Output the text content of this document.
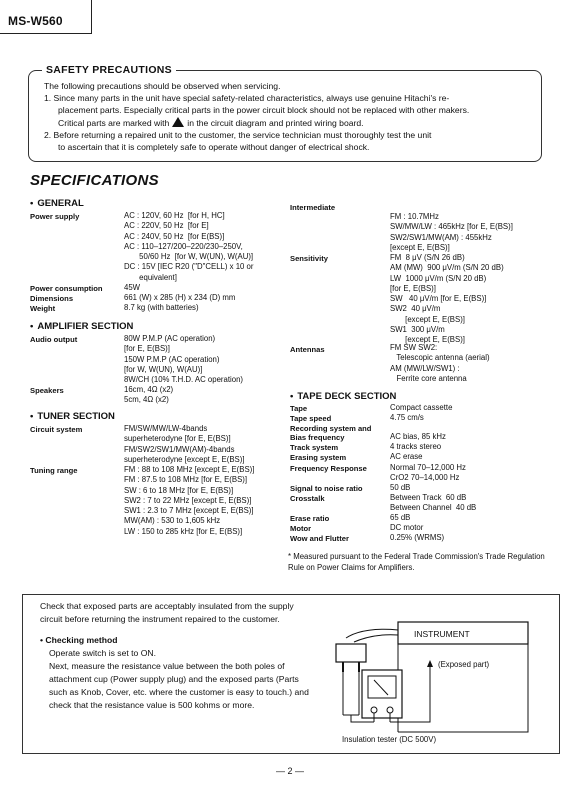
MS-W560
SAFETY PRECAUTIONS
The following precautions should be observed when servicing.
1. Since many parts in the unit have special safety-related characteristics, always use genuine Hitachi's re-
placement parts. Especially critical parts in the power circuit block should not be replaced with other makers.
Critical parts are marked with in the circuit diagram and printed wiring board.
2. Before returning a repaired unit to the customer, the service technician must thoroughly test the unit
to ascertain that it is completely safe to operate without danger of electrical shock.
SPECIFICATIONS
• GENERAL
Power supply	AC : 120V, 60 Hz  [for H, HC]
AC : 220V, 50 Hz  [for E]
AC : 240V, 50 Hz  [for E(BS)]
AC : 110–127/200–220/230–250V,
50/60 Hz  [for W, W(UN), W(AU)]
DC : 15V [IEC R20 ("D"CELL) x 10 or
equivalent]
Power consumption	45W
Dimensions	661 (W) x 285 (H) x 234 (D) mm
Weight	8.7 kg (with batteries)
• AMPLIFIER SECTION
Audio output	80W P.M.P (AC operation)
[for E, E(BS)]
150W P.M.P (AC operation)
[for W, W(UN), W(AU)]
8W/CH (10% T.H.D. AC operation)
Speakers	16cm, 4Ω (x2)
5cm, 4Ω (x2)
• TUNER SECTION
Circuit system	FM/SW/MW/LW-4bands
superheterodyne [for E, E(BS)]
FM/SW2/SW1/MW(AM)-4bands
superheterodyne [except E, E(BS)]
Tuning range	FM : 88 to 108 MHz [except E, E(BS)]
FM : 87.5 to 108 MHz [for E, E(BS)]
SW : 6 to 18 MHz [for E, E(BS)]
SW2 : 7 to 22 MHz [except E, E(BS)]
SW1 : 2.3 to 7 MHz [except E, E(BS)]
MW(AM) : 530 to 1,605 kHz
LW : 150 to 285 kHz [for E, E(BS)]
Intermediate
FM : 10.7MHz
SW/MW/LW : 465kHz [for E, E(BS)]
SW2/SW1/MW(AM) : 455kHz
[except E, E(BS)]
Sensitivity	FM  8 μV (S/N 26 dB)
AM (MW)  900 μV/m (S/N 20 dB)
LW  1000 μV/m (S/N 20 dB)
[for E, E(BS)]
SW   40 μV/m [for E, E(BS)]
SW2  40 μV/m
[except E, E(BS)]
SW1  300 μV/m
[except E, E(BS)]
Antennas	FM SW SW2:
Telescopic antenna (aerial)
AM (MW/LW/SW1) :
Ferrite core antenna
• TAPE DECK SECTION
Tape	Compact cassette
Tape speed	4.75 cm/s
Recording system and
Bias frequency	AC bias, 85 kHz
Track system	4 tracks stereo
Erasing system	AC erase
Frequency Response	Normal 70–12,000 Hz
CrO2 70–14,000 Hz
Signal to noise ratio	50 dB
Crosstalk	Between Track  60 dB
Between Channel  40 dB
Erase ratio	65 dB
Motor	DC motor
Wow and Flutter	0.25% (WRMS)
* Measured pursuant to the Federal Trade Commission's Trade Regulation Rule on Power Claims for Amplifiers.
Check that exposed parts are acceptably insulated from the supply circuit before returning the instrument repaired to the customer.
• Checking method
Operate switch is set to ON.
Next, measure the resistance value between the both poles of attachment cup (Power supply plug) and the exposed parts (Parts such as Knob, Cover, etc. where the customer is easy to touch.) and check that the resistance value is 500 kohms or more.
INSTRUMENT
(Exposed part)
Insulation tester (DC 500V)
— 2 —
